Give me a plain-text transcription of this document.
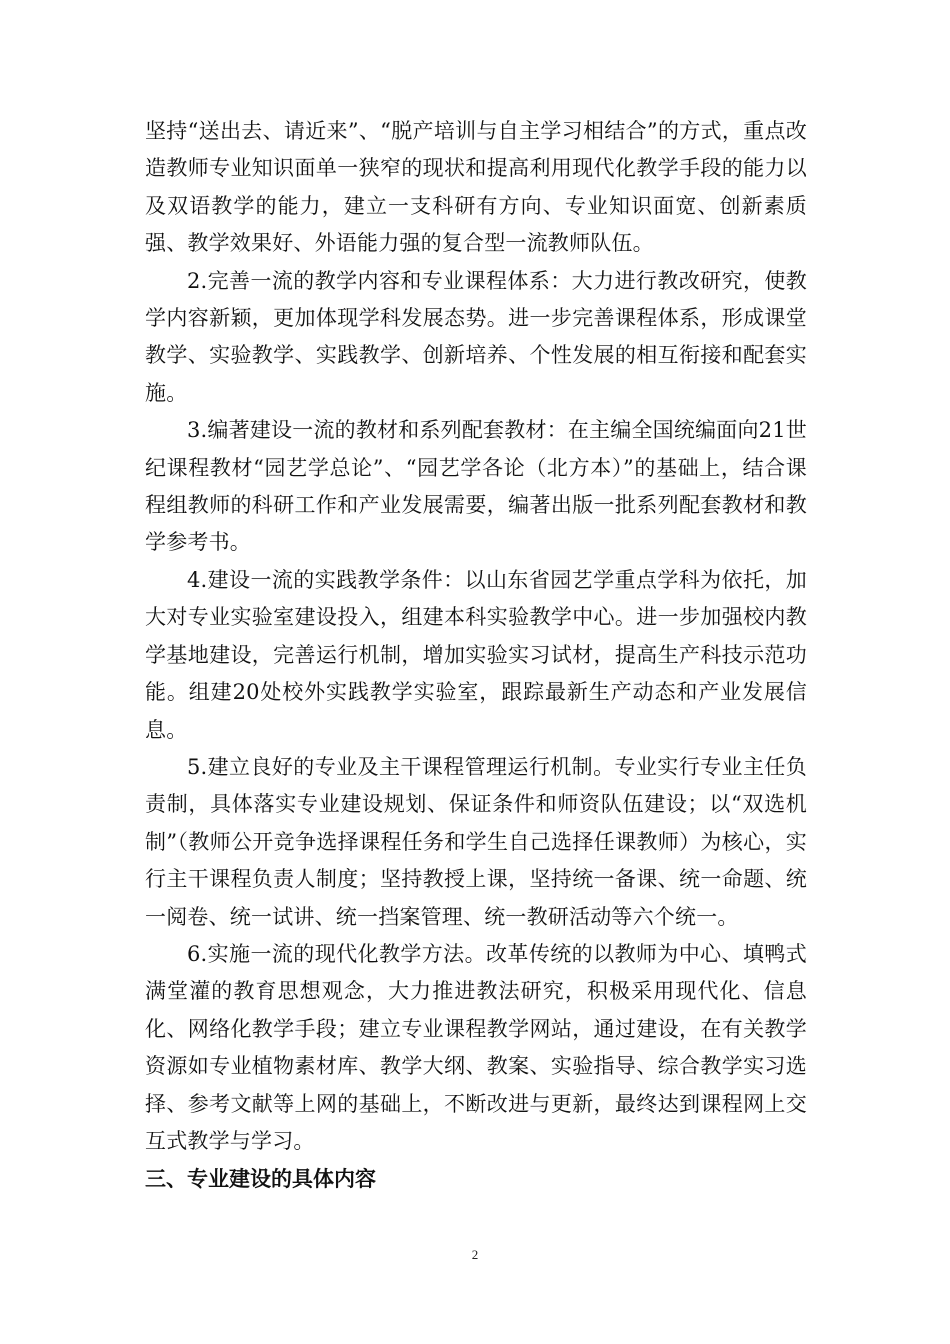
坚持“送出去、请近来”、“脱产培训与自主学习相结合”的方式，重点改造教师专业知识面单一狭窄的现状和提高利用现代化教学手段的能力以及双语教学的能力，建立一支科研有方向、专业知识面宽、创新素质强、教学效果好、外语能力强的复合型一流教师队伍。

2.完善一流的教学内容和专业课程体系：大力进行教改研究，使教学内容新颖，更加体现学科发展态势。进一步完善课程体系，形成课堂教学、实验教学、实践教学、创新培养、个性发展的相互衔接和配套实施。

3.编著建设一流的教材和系列配套教材：在主编全国统编面向21世纪课程教材“园艺学总论”、“园艺学各论（北方本）”的基础上，结合课程组教师的科研工作和产业发展需要，编著出版一批系列配套教材和教学参考书。

4.建设一流的实践教学条件：以山东省园艺学重点学科为依托，加大对专业实验室建设投入，组建本科实验教学中心。进一步加强校内教学基地建设，完善运行机制，增加实验实习试材，提高生产科技示范功能。组建20处校外实践教学实验室，跟踪最新生产动态和产业发展信息。

5.建立良好的专业及主干课程管理运行机制。专业实行专业主任负责制，具体落实专业建设规划、保证条件和师资队伍建设；以“双选机制”（教师公开竞争选择课程任务和学生自己选择任课教师）为核心，实行主干课程负责人制度；坚持教授上课，坚持统一备课、统一命题、统一阅卷、统一试讲、统一挡案管理、统一教研活动等六个统一。

6.实施一流的现代化教学方法。改革传统的以教师为中心、填鸭式满堂灌的教育思想观念，大力推进教法研究，积极采用现代化、信息化、网络化教学手段；建立专业课程教学网站，通过建设，在有关教学资源如专业植物素材库、教学大纲、教案、实验指导、综合教学实习选择、参考文献等上网的基础上，不断改进与更新，最终达到课程网上交互式教学与学习。

三、专业建设的具体内容

2
